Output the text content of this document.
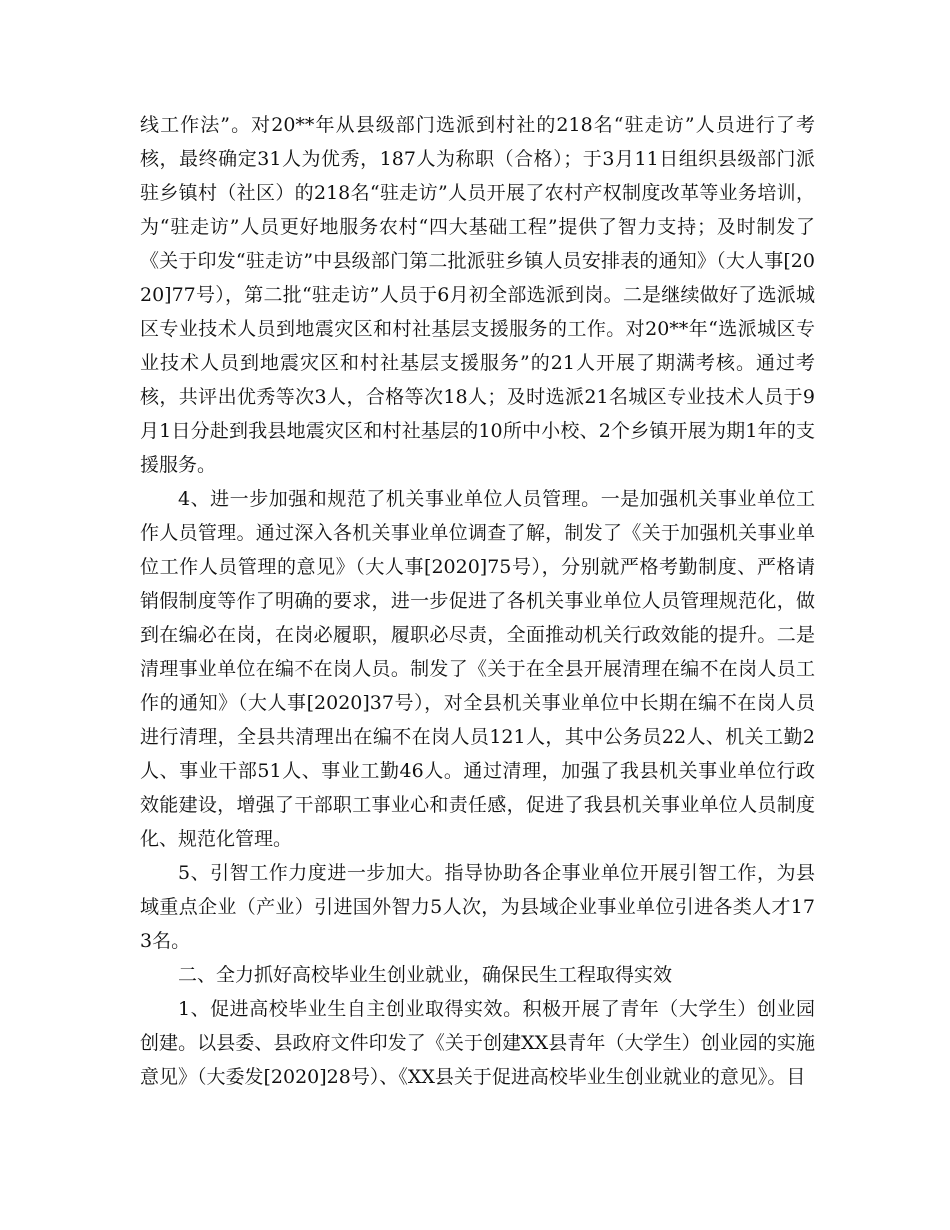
线工作法”。对20**年从县级部门选派到村社的218名“驻走访”人员进行了考核，最终确定31人为优秀，187人为称职（合格）；于3月11日组织县级部门派驻乡镇村（社区）的218名“驻走访”人员开展了农村产权制度改革等业务培训，为“驻走访”人员更好地服务农村“四大基础工程”提供了智力支持；及时制发了《关于印发“驻走访”中县级部门第二批派驻乡镇人员安排表的通知》（大人事[2020]77号），第二批“驻走访”人员于6月初全部选派到岗。二是继续做好了选派城区专业技术人员到地震灾区和村社基层支援服务的工作。对20**年“选派城区专业技术人员到地震灾区和村社基层支援服务”的21人开展了期满考核。通过考核，共评出优秀等次3人，合格等次18人；及时选派21名城区专业技术人员于9月1日分赴到我县地震灾区和村社基层的10所中小校、2个乡镇开展为期1年的支援服务。

4、进一步加强和规范了机关事业单位人员管理。一是加强机关事业单位工作人员管理。通过深入各机关事业单位调查了解，制发了《关于加强机关事业单位工作人员管理的意见》（大人事[2020]75号），分别就严格考勤制度、严格请销假制度等作了明确的要求，进一步促进了各机关事业单位人员管理规范化，做到在编必在岗，在岗必履职，履职必尽责，全面推动机关行政效能的提升。二是清理事业单位在编不在岗人员。制发了《关于在全县开展清理在编不在岗人员工作的通知》（大人事[2020]37号），对全县机关事业单位中长期在编不在岗人员进行清理，全县共清理出在编不在岗人员121人，其中公务员22人、机关工勤2人、事业干部51人、事业工勤46人。通过清理，加强了我县机关事业单位行政效能建设，增强了干部职工事业心和责任感，促进了我县机关事业单位人员制度化、规范化管理。

5、引智工作力度进一步加大。指导协助各企事业单位开展引智工作，为县域重点企业（产业）引进国外智力5人次，为县域企业事业单位引进各类人才173名。

二、全力抓好高校毕业生创业就业，确保民生工程取得实效

1、促进高校毕业生自主创业取得实效。积极开展了青年（大学生）创业园创建。以县委、县政府文件印发了《关于创建XX县青年（大学生）创业园的实施意见》（大委发[2020]28号）、《XX县关于促进高校毕业生创业就业的意见》。目
